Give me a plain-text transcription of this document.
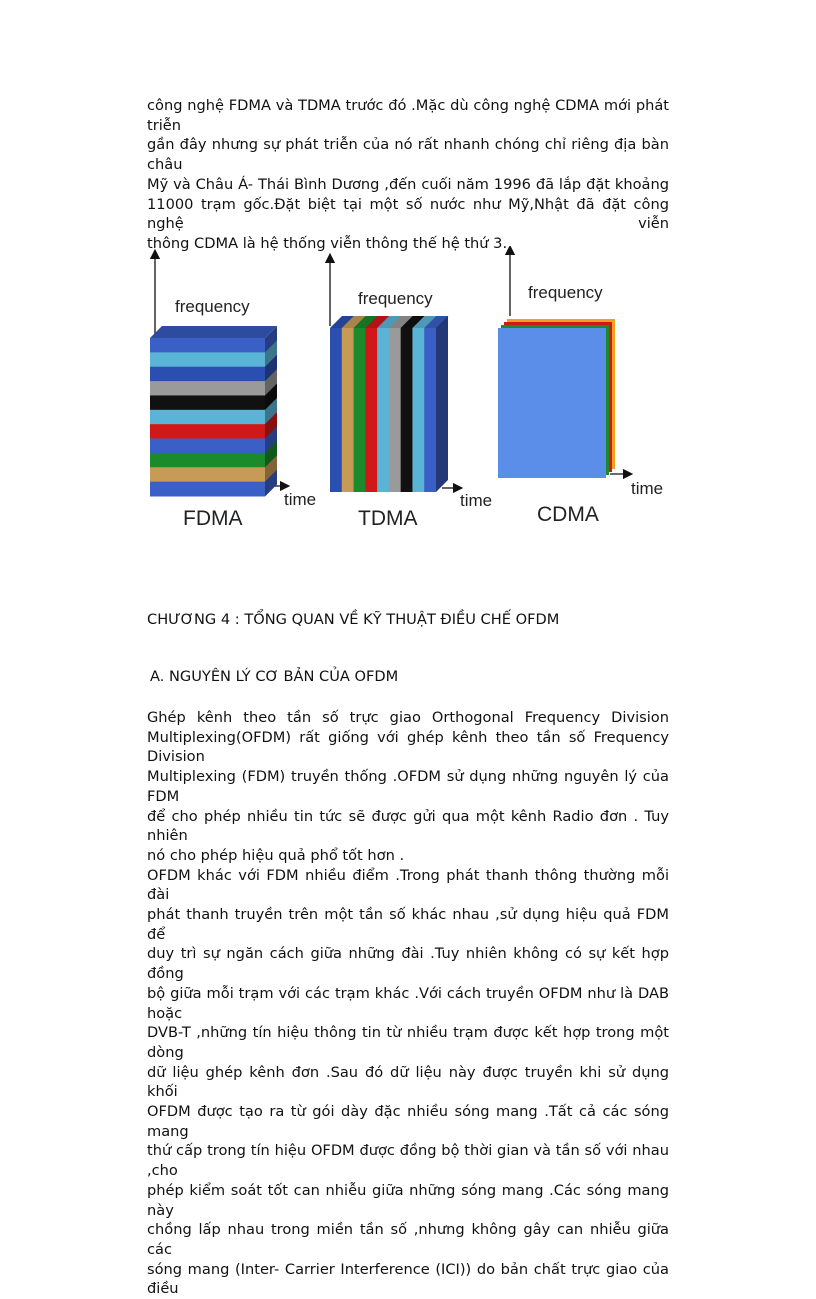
công nghệ FDMA và TDMA trước đó .Mặc dù công nghệ CDMA mới phát triễn
gần đây nhưng sự phát triễn của nó rất nhanh chóng chỉ riêng địa bàn châu
Mỹ và Châu Á- Thái Bình Dương ,đến cuối năm 1996 đã lắp đặt khoảng
11000 trạm gốc.Đặt biệt tại một số nước như Mỹ,Nhật đã đặt công nghệ viễn
thông CDMA là hệ thống viễn thông thế hệ thứ 3.
frequency
time
FDMA
frequency
time
TDMA
frequency
time
CDMA
CHƯƠNG 4 : TỔNG QUAN VỀ KỸ THUẬT ĐIỀU CHẾ OFDM
A. NGUYÊN LÝ CƠ BẢN CỦA OFDM
Ghép kênh theo tần số trực giao Orthogonal Frequency Division
Multiplexing(OFDM) rất giống với ghép kênh theo tần số Frequency Division
Multiplexing (FDM) truyền thống .OFDM sử dụng những nguyên lý của FDM
để cho phép nhiều tin tức sẽ được gửi qua một kênh Radio đơn . Tuy nhiên
nó cho phép hiệu quả phổ tốt hơn .
OFDM khác với FDM nhiều điểm .Trong phát thanh thông thường mỗi đài
phát thanh truyền trên một tần số khác nhau ,sử dụng hiệu quả FDM để
duy trì sự ngăn cách giữa những đài .Tuy nhiên không có sự kết hợp đồng
bộ giữa mỗi trạm với các trạm khác .Với cách truyền OFDM như là DAB hoặc
DVB-T ,những tín hiệu thông tin từ nhiều trạm được kết hợp trong một dòng
dữ liệu ghép kênh đơn .Sau đó dữ liệu này được truyền khi sử dụng khối
OFDM được tạo ra từ gói dày đặc nhiều sóng mang .Tất cả các sóng mang
thứ cấp trong tín hiệu OFDM được đồng bộ thời gian và tần số với nhau ,cho
phép kiểm soát tốt can nhiễu giữa những sóng mang .Các sóng mang này
chồng lấp nhau trong miền tần số ,nhưng không gây can nhiễu giữa các
sóng mang (Inter- Carrier Interference (ICI)) do bản chất trực giao của điều
